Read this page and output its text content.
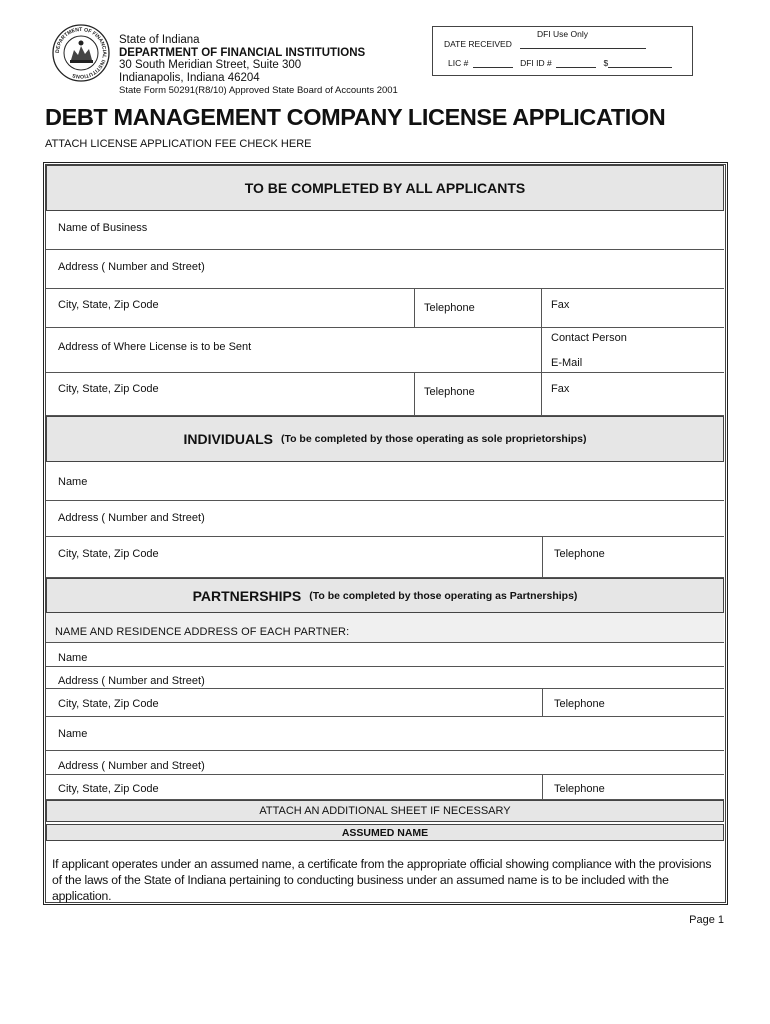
DEPARTMENT OF FINANCIAL INSTITUTIONS
State of Indiana
DEPARTMENT OF FINANCIAL INSTITUTIONS
30 South Meridian Street, Suite 300
Indianapolis, Indiana 46204
State Form 50291(R8/10) Approved State Board of Accounts 2001
DFI Use Only
DATE RECEIVED
LIC #	DFI ID #	$
DEBT MANAGEMENT COMPANY LICENSE APPLICATION
ATTACH LICENSE APPLICATION FEE CHECK HERE
TO BE COMPLETED BY ALL APPLICANTS
Name of Business
Address ( Number and Street)
City, State, Zip Code	Telephone	Fax
Address of Where License is to be Sent
Contact Person
E-Mail
City, State, Zip Code	Telephone	Fax
INDIVIDUALS (To be completed by those operating as sole proprietorships)
Name
Address ( Number and Street)
City, State, Zip Code	Telephone
PARTNERSHIPS (To be completed by those operating as Partnerships)
NAME AND RESIDENCE ADDRESS OF EACH PARTNER:
Name
Address ( Number and Street)
City, State, Zip Code	Telephone
Name
Address ( Number and Street)
City, State, Zip Code	Telephone
ATTACH AN ADDITIONAL SHEET IF NECESSARY
ASSUMED NAME
If applicant operates under an assumed name, a certificate from the appropriate official showing compliance with the provisions of the laws of the State of Indiana pertaining to conducting business under an assumed name is to be included with the application.
Page 1
